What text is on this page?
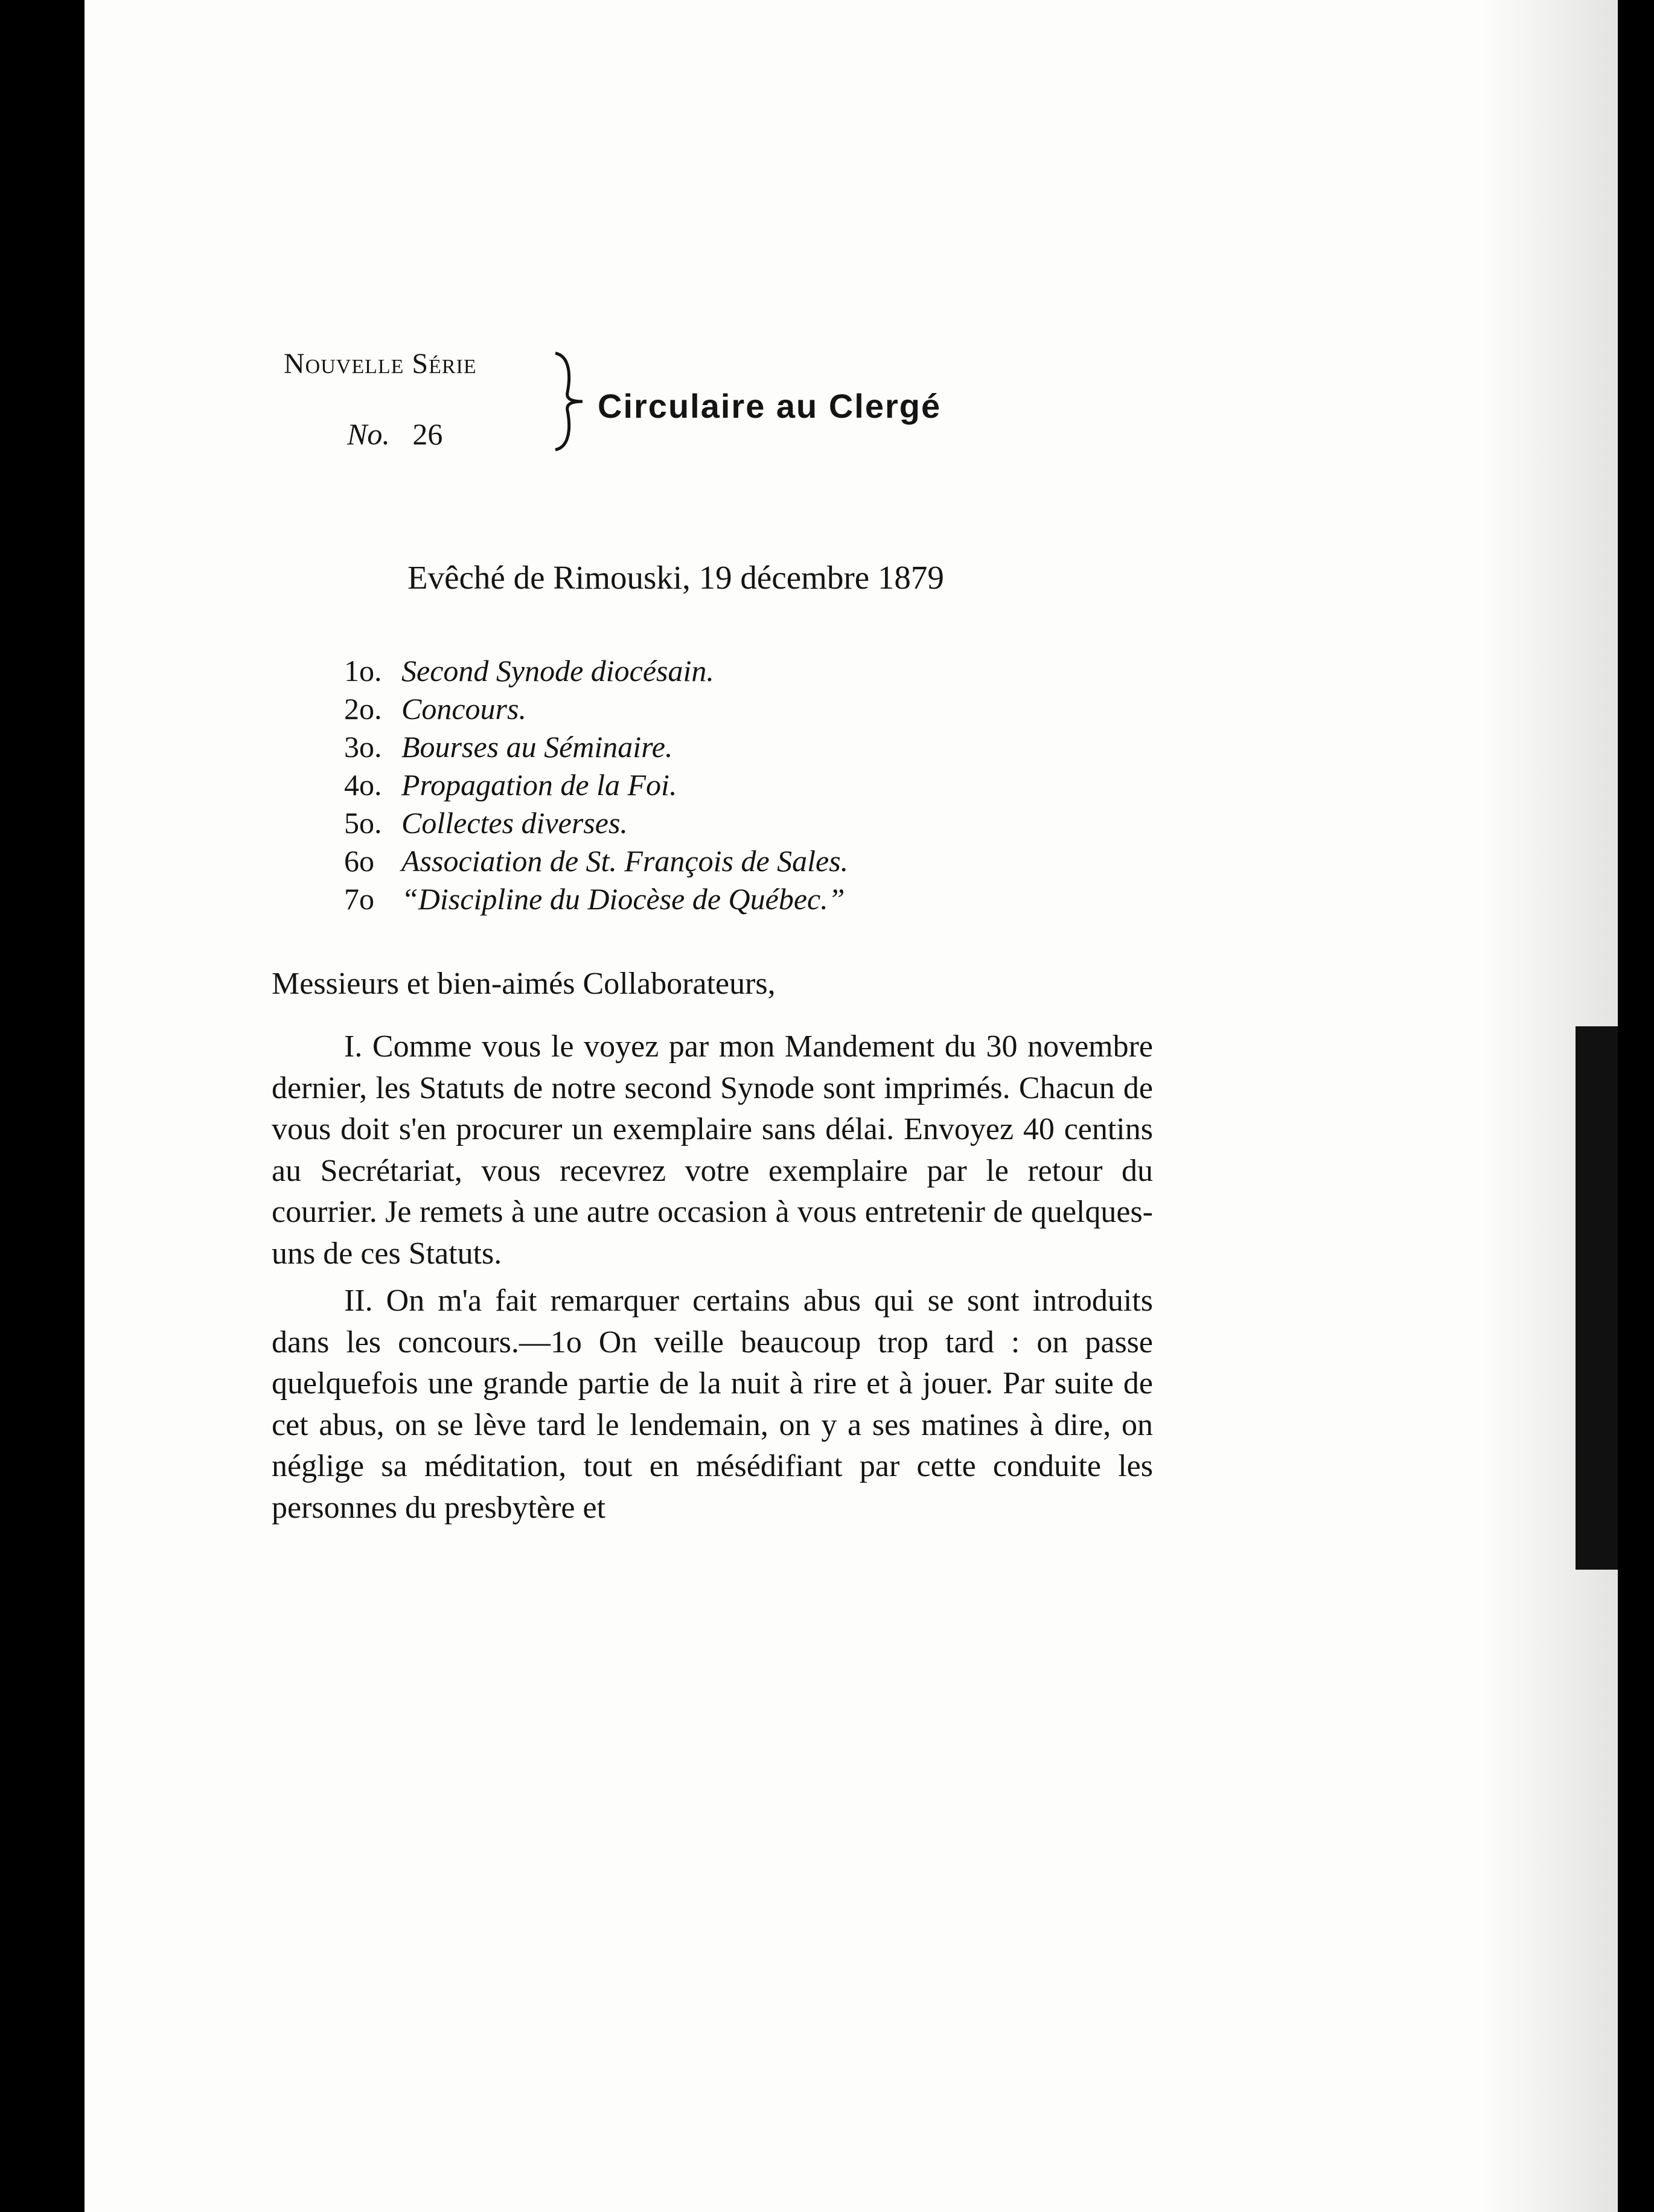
Nouvelle Série
No. 26
Circulaire au Clergé
Evêché de Rimouski, 19 décembre 1879
1o. Second Synode diocésain.
2o. Concours.
3o. Bourses au Séminaire.
4o. Propagation de la Foi.
5o. Collectes diverses.
6o Association de St. François de Sales.
7o “Discipline du Diocèse de Québec.”
Messieurs et bien-aimés Collaborateurs,

I. Comme vous le voyez par mon Mandement du 30 novembre dernier, les Statuts de notre second Synode sont imprimés. Chacun de vous doit s'en procurer un exemplaire sans délai. Envoyez 40 centins au Secrétariat, vous recevrez votre exemplaire par le retour du courrier. Je remets à une autre occasion à vous entretenir de quelques-uns de ces Statuts.

II. On m'a fait remarquer certains abus qui se sont introduits dans les concours.—1o On veille beaucoup trop tard : on passe quelquefois une grande partie de la nuit à rire et à jouer. Par suite de cet abus, on se lève tard le lendemain, on y a ses matines à dire, on néglige sa méditation, tout en mésédifiant par cette conduite les personnes du presbytère et
